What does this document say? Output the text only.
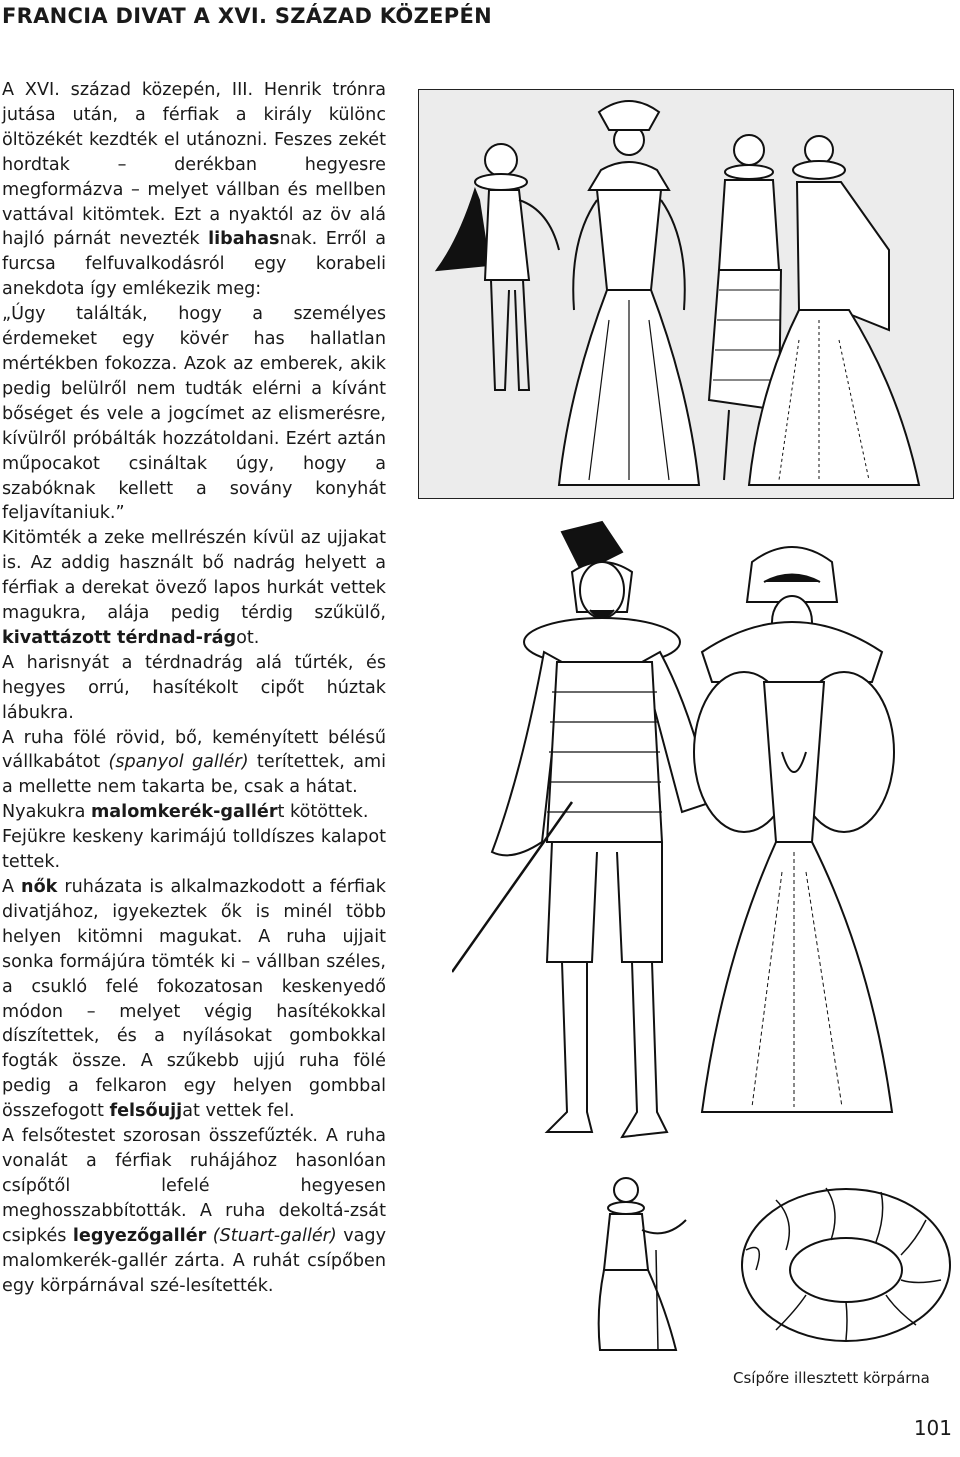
FRANCIA DIVAT A XVI. SZÁZAD KÖZEPÉN

A XVI. század közepén, III. Henrik trónra jutása után, a férfiak a király különc öltözékét kezdték el utánozni. Feszes zekét hordtak – derékban hegyesre megformázva – melyet vállban és mellben vattával kitömtek. Ezt a nyaktól az öv alá hajló párnát nevezték libahasnak. Erről a furcsa felfuvalkodásról egy korabeli anekdota így emlékezik meg:

„Úgy találták, hogy a személyes érdemeket egy kövér has hallatlan mértékben fokozza. Azok az emberek, akik pedig belülről nem tudták elérni a kívánt bőséget és vele a jogcímet az elismerésre, kívülről próbálták hozzátoldani. Ezért aztán műpocakot csináltak úgy, hogy a szabóknak kellett a sovány konyhát feljavítaniuk.”

Kitömték a zeke mellrészén kívül az ujjakat is. Az addig használt bő nadrág helyett a férfiak a derekat övező lapos hurkát vettek magukra, alája pedig térdig szűkülő, kivattázott térdnad-rágot.

A harisnyát a térdnadrág alá tűrték, és hegyes orrú, hasítékolt cipőt húztak lábukra.

A ruha fölé rövid, bő, keményített bélésű vállkabátot (spanyol gallér) terítettek, ami a mellette nem takarta be, csak a hátat.

Nyakukra malomkerék-gallért kötöttek.

Fejükre keskeny karimájú tolldíszes kalapot tettek.

A nők ruházata is alkalmazkodott a férfiak divatjához, igyekeztek ők is minél több helyen kitömni magukat. A ruha ujjait sonka formájúra tömték ki – vállban széles, a csukló felé fokozatosan keskenyedő módon – melyet végig hasítékokkal díszítettek, és a nyílásokat gombokkal fogták össze. A szűkebb ujjú ruha fölé pedig a felkaron egy helyen gombbal összefogott felsőujjat vettek fel.

A felsőtestet szorosan összefűzték. A ruha vonalát a férfiak ruhájához hasonlóan csípőtől lefelé hegyesen meghosszabbították. A ruha dekoltá-zsát csipkés legyezőgallér (Stuart-gallér) vagy malomkerék-gallér zárta. A ruhát csípőben egy körpárnával szé-lesítették.

Csípőre illesztett körpárna
101
